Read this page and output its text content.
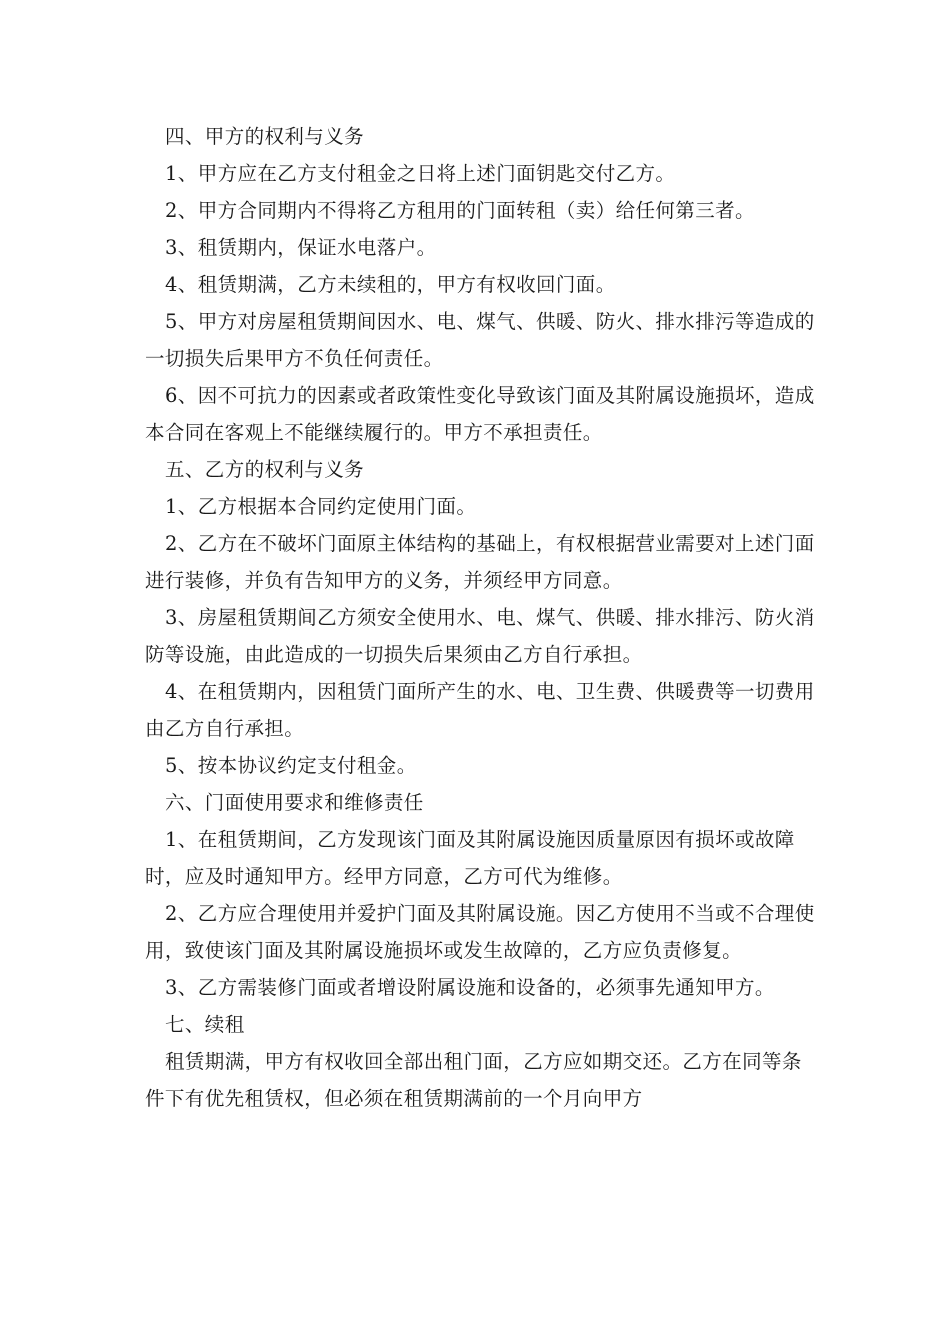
四、甲方的权利与义务

1、甲方应在乙方支付租金之日将上述门面钥匙交付乙方。

2、甲方合同期内不得将乙方租用的门面转租（卖）给任何第三者。

3、租赁期内，保证水电落户。

4、租赁期满，乙方未续租的，甲方有权收回门面。

5、甲方对房屋租赁期间因水、电、煤气、供暖、防火、排水排污等造成的一切损失后果甲方不负任何责任。

6、因不可抗力的因素或者政策性变化导致该门面及其附属设施损坏，造成本合同在客观上不能继续履行的。甲方不承担责任。

五、乙方的权利与义务

1、乙方根据本合同约定使用门面。

2、乙方在不破坏门面原主体结构的基础上，有权根据营业需要对上述门面进行装修，并负有告知甲方的义务，并须经甲方同意。

3、房屋租赁期间乙方须安全使用水、电、煤气、供暖、排水排污、防火消防等设施，由此造成的一切损失后果须由乙方自行承担。

4、在租赁期内，因租赁门面所产生的水、电、卫生费、供暖费等一切费用由乙方自行承担。

5、按本协议约定支付租金。

六、门面使用要求和维修责任

1、在租赁期间，乙方发现该门面及其附属设施因质量原因有损坏或故障时，应及时通知甲方。经甲方同意，乙方可代为维修。

2、乙方应合理使用并爱护门面及其附属设施。因乙方使用不当或不合理使用，致使该门面及其附属设施损坏或发生故障的，乙方应负责修复。

3、乙方需装修门面或者增设附属设施和设备的，必须事先通知甲方。

七、续租

租赁期满，甲方有权收回全部出租门面，乙方应如期交还。乙方在同等条件下有优先租赁权，但必须在租赁期满前的一个月向甲方
